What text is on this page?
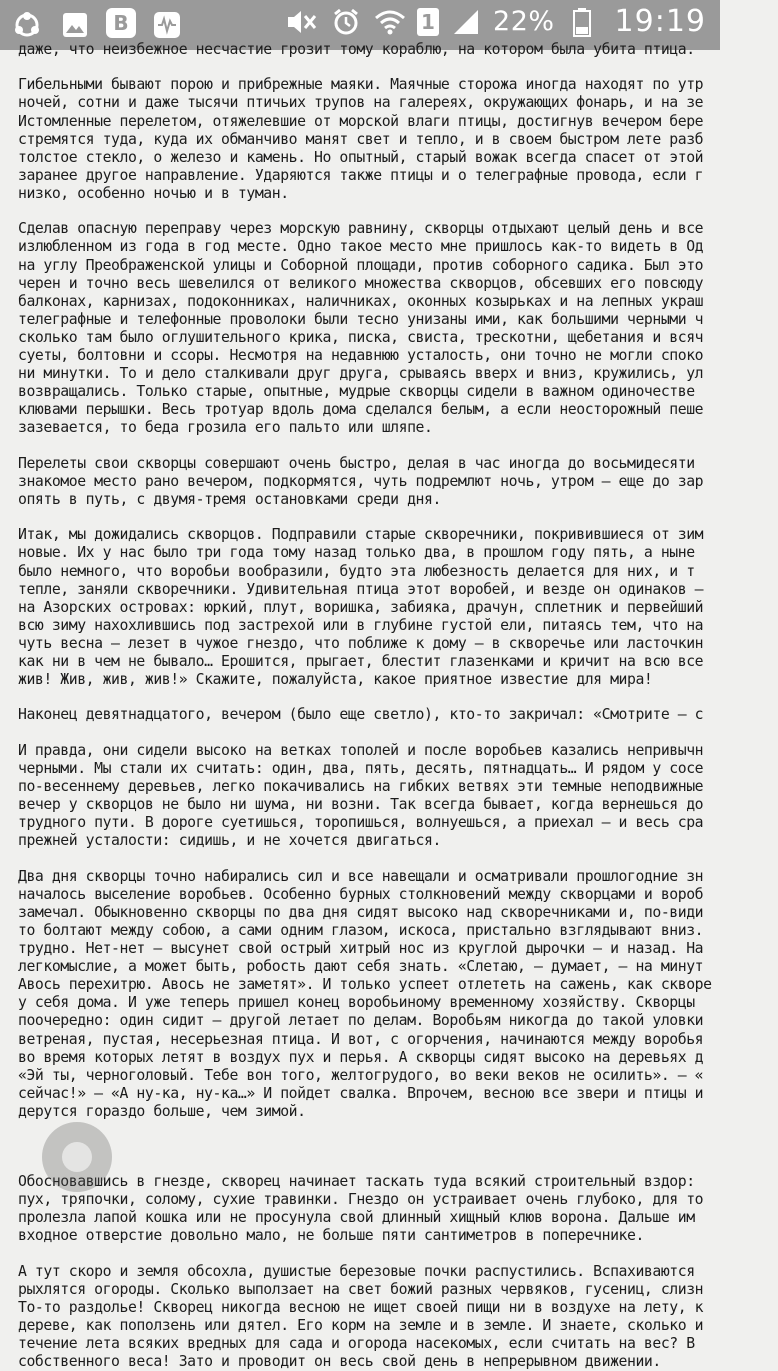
В	1 22% 19:19
даже, что неизбежное несчастие грозит тому кораблю, на котором была убита птица.
Гибельными бывают порою и прибрежные маяки. Маячные сторожа иногда находят по утр
ночей, сотни и даже тысячи птичьих трупов на галереях, окружающих фонарь, и на зе
Истомленные перелетом, отяжелевшие от морской влаги птицы, достигнув вечером бере
стремятся туда, куда их обманчиво манят свет и тепло, и в своем быстром лете разб
толстое стекло, о железо и камень. Но опытный, старый вожак всегда спасет от этой
заранее другое направление. Ударяются также птицы и о телеграфные провода, если г
низко, особенно ночью и в туман.
Сделав опасную переправу через морскую равнину, скворцы отдыхают целый день и все
излюбленном из года в год месте. Одно такое место мне пришлось как-то видеть в Од
на углу Преображенской улицы и Соборной площади, против соборного садика. Был это
черен и точно весь шевелился от великого множества скворцов, обсевших его повсюду
балконах, карнизах, подоконниках, наличниках, оконных козырьках и на лепных украш
телеграфные и телефонные проволоки были тесно унизаны ими, как большими черными ч
сколько там было оглушительного крика, писка, свиста, трескотни, щебетания и всяч
суеты, болтовни и ссоры. Несмотря на недавнюю усталость, они точно не могли споко
ни минутки. То и дело сталкивали друг друга, срываясь вверх и вниз, кружились, ул
возвращались. Только старые, опытные, мудрые скворцы сидели в важном одиночестве
клювами перышки. Весь тротуар вдоль дома сделался белым, а если неосторожный пеше
зазевается, то беда грозила его пальто или шляпе.
Перелеты свои скворцы совершают очень быстро, делая в час иногда до восьмидесяти
знакомое место рано вечером, подкормятся, чуть подремлют ночь, утром – еще до зар
опять в путь, с двумя-тремя остановками среди дня.
Итак, мы дожидались скворцов. Подправили старые скворечники, покривившиеся от зим
новые. Их у нас было три года тому назад только два, в прошлом году пять, а ныне
было немного, что воробьи вообразили, будто эта любезность делается для них, и т
тепле, заняли скворечники. Удивительная птица этот воробей, и везде он одинаков –
на Азорских островах: юркий, плут, воришка, забияка, драчун, сплетник и первейший
всю зиму нахохлившись под застрехой или в глубине густой ели, питаясь тем, что на
чуть весна – лезет в чужое гнездо, что поближе к дому – в скворечье или ласточкин
как ни в чем не бывало… Ерошится, прыгает, блестит глазенками и кричит на всю все
жив! Жив, жив, жив!» Скажите, пожалуйста, какое приятное известие для мира!
Наконец девятнадцатого, вечером (было еще светло), кто-то закричал: «Смотрите – с
И правда, они сидели высоко на ветках тополей и после воробьев казались непривычн
черными. Мы стали их считать: один, два, пять, десять, пятнадцать… И рядом у сосе
по-весеннему деревьев, легко покачивались на гибких ветвях эти темные неподвижные
вечер у скворцов не было ни шума, ни возни. Так всегда бывает, когда вернешься до
трудного пути. В дороге суетишься, торопишься, волнуешься, а приехал – и весь сра
прежней усталости: сидишь, и не хочется двигаться.
Два дня скворцы точно набирались сил и все навещали и осматривали прошлогодние зн
началось выселение воробьев. Особенно бурных столкновений между скворцами и вороб
замечал. Обыкновенно скворцы по два дня сидят высоко над скворечниками и, по-види
то болтают между собою, а сами одним глазом, искоса, пристально взглядывают вниз.
трудно. Нет-нет – высунет свой острый хитрый нос из круглой дырочки – и назад. На
легкомыслие, а может быть, робость дают себя знать. «Слетаю, – думает, – на минут
Авось перехитрю. Авось не заметят». И только успеет отлететь на сажень, как скворе
у себя дома. И уже теперь пришел конец воробьиному временному хозяйству. Скворцы
поочередно: один сидит – другой летает по делам. Воробьям никогда до такой уловки
ветреная, пустая, несерьезная птица. И вот, с огорчения, начинаются между воробья
во время которых летят в воздух пух и перья. А скворцы сидят высоко на деревьях д
«Эй ты, черноголовый. Тебе вон того, желтогрудого, во веки веков не осилить». – «
сейчас!» – «А ну-ка, ну-ка…» И пойдет свалка. Впрочем, весною все звери и птицы и
дерутся гораздо больше, чем зимой.
Обосновавшись в гнезде, скворец начинает таскать туда всякий строительный вздор:
пух, тряпочки, солому, сухие травинки. Гнездо он устраивает очень глубоко, для то
пролезла лапой кошка или не просунула свой длинный хищный клюв ворона. Дальше им
входное отверстие довольно мало, не больше пяти сантиметров в поперечнике.
А тут скоро и земля обсохла, душистые березовые почки распустились. Вспахиваются
рыхлятся огороды. Сколько выползает на свет божий разных червяков, гусениц, слизн
То-то раздолье! Скворец никогда весною не ищет своей пищи ни в воздухе на лету, к
дереве, как поползень или дятел. Его корм на земле и в земле. И знаете, сколько и
течение лета всяких вредных для сада и огорода насекомых, если считать на вес? В
собственного веса! Зато и проводит он весь свой день в непрерывном движении.
